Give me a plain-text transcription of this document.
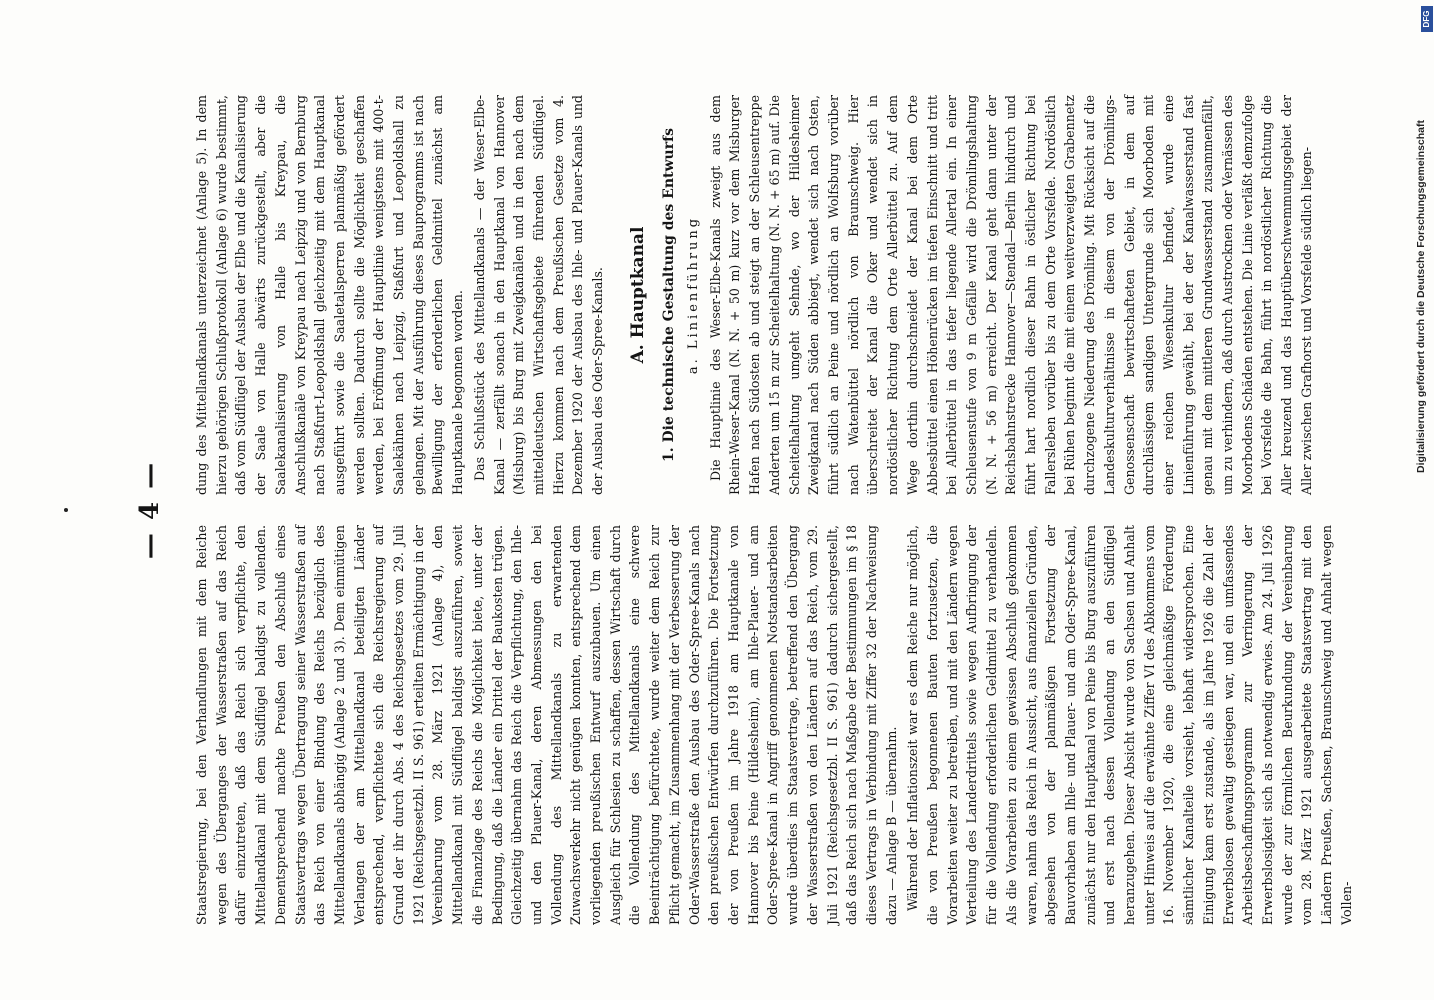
— 4 —

Staatsregierung, bei den Verhandlungen mit dem Reiche wegen des Überganges der Wasserstraßen auf das Reich dafür einzutreten, daß das Reich sich verpflichte, den Mittellandkanal mit dem Südflügel baldigst zu vollenden. Dementsprechend machte Preußen den Abschluß eines Staatsvertrags wegen Übertragung seiner Wasserstraßen auf das Reich von einer Bindung des Reichs bezüglich des Mittellandkanals abhängig (Anlage 2 und 3). Dem einmütigen Verlangen der am Mittellandkanal beteiligten Länder entsprechend, verpflichtete sich die Reichsregierung auf Grund der ihr durch Abs. 4 des Reichsgesetzes vom 29. Juli 1921 (Reichsgesetzbl. II S. 961) erteilten Ermächtigung in der Vereinbarung vom 28. März 1921 (Anlage 4), den Mittellandkanal mit Südflügel baldigst auszuführen, soweit die Finanzlage des Reichs die Möglichkeit biete, unter der Bedingung, daß die Länder ein Drittel der Baukosten trügen. Gleichzeitig übernahm das Reich die Verpflichtung, den Ihle- und den Plauer-Kanal, deren Abmessungen den bei Vollendung des Mittellandkanals zu erwartenden Zuwachsverkehr nicht genügen konnten, entsprechend dem vorliegenden preußischen Entwurf auszubauen. Um einen Ausgleich für Schlesien zu schaffen, dessen Wirtschaft durch die Vollendung des Mittellandkanals eine schwere Beeinträchtigung befürchtete, wurde weiter dem Reich zur Pflicht gemacht, im Zusammenhang mit der Verbesserung der Oder-Wasserstraße den Ausbau des Oder-Spree-Kanals nach den preußischen Entwürfen durchzuführen. Die Fortsetzung der von Preußen im Jahre 1918 am Hauptkanale von Hannover bis Peine (Hildesheim), am Ihle-Plauer- und am Oder-Spree-Kanal in Angriff genommenen Notstandsarbeiten wurde überdies im Staatsvertrage, betreffend den Übergang der Wasserstraßen von den Ländern auf das Reich, vom 29. Juli 1921 (Reichsgesetzbl. II S. 961) dadurch sichergestellt, daß das Reich sich nach Maßgabe der Bestimmungen im § 18 dieses Vertrags in Verbindung mit Ziffer 32 der Nachweisung dazu — Anlage B — übernahm. Während der Inflationszeit war es dem Reiche nur möglich, die von Preußen begonnenen Bauten fortzusetzen, die Vorarbeiten weiter zu betreiben, und mit den Ländern wegen Verteilung des Landerdrittels sowie wegen Aufbringung der für die Vollendung erforderlichen Geldmittel zu verhandeln. Als die Vorarbeiten zu einem gewissen Abschluß gekommen waren, nahm das Reich in Aussicht, aus finanziellen Gründen, abgesehen von der planmäßigen Fortsetzung der Bauvorhaben am Ihle- und Plauer- und am Oder-Spree-Kanal, zunächst nur den Hauptkanal von Peine bis Burg auszuführen und erst nach dessen Vollendung an den Südflügel heranzugehen. Dieser Absicht wurde von Sachsen und Anhalt unter Hinweis auf die erwähnte Ziffer VI des Abkommens vom 16. November 1920, die eine gleichmäßige Förderung sämtlicher Kanalteile vorsieht, lebhaft widersprochen. Eine Einigung kam erst zustande, als im Jahre 1926 die Zahl der Erwerbslosen gewaltig gestiegen war, und ein umfassendes Arbeitsbeschaffungsprogramm zur Verringerung der Erwerbslosigkeit sich als notwendig erwies. Am 24. Juli 1926 wurde der zur förmlichen Beurkundung der Vereinbarung vom 28. März 1921 ausgearbeitete Staatsvertrag mit den Ländern Preußen, Sachsen, Braunschweig und Anhalt wegen Vollen-

dung des Mittellandkanals unterzeichnet (Anlage 5). In dem hierzu gehörigen Schlußprotokoll (Anlage 6) wurde bestimmt, daß vom Südflügel der Ausbau der Elbe und die Kanalisierung der Saale von Halle abwärts zurückgestellt, aber die Saalekanalisierung von Halle bis Kreypau, die Anschlußkanäle von Kreypau nach Leipzig und von Bernburg nach Staßfurt-Leopoldshall gleichzeitig mit dem Hauptkanal ausgeführt sowie die Saaletalsperren planmäßig gefördert werden sollten. Dadurch sollte die Möglichkeit geschaffen werden, bei Eröffnung der Hauptlinie wenigstens mit 400-t-Saalekähnen nach Leipzig, Staßfurt und Leopoldshall zu gelangen. Mit der Ausführung dieses Bauprogramms ist nach Bewilligung der erforderlichen Geldmittel zunächst am Hauptkanale begonnen worden. Das Schlußstück des Mittellandkanals — der Weser-Elbe-Kanal — zerfällt sonach in den Hauptkanal von Hannover (Misburg) bis Burg mit Zweigkanälen und in den nach dem mitteldeutschen Wirtschaftsgebiete führenden Südflügel. Hierzu kommen nach dem Preußischen Gesetze vom 4. Dezember 1920 der Ausbau des Ihle- und Plauer-Kanals und der Ausbau des Oder-Spree-Kanals. A. Hauptkanal 1. Die technische Gestaltung des Entwurfs a. Linienführung Die Hauptlinie des Weser-Elbe-Kanals zweigt aus dem Rhein-Weser-Kanal (N. N. + 50 m) kurz vor dem Misburger Hafen nach Südosten ab und steigt an der Schleusentreppe Anderten um 15 m zur Scheitelhaltung (N. N. + 65 m) auf. Die Scheitelhaltung umgeht Sehnde, wo der Hildesheimer Zweigkanal nach Süden abbiegt, wendet sich nach Osten, führt südlich an Peine und nördlich an Wolfsburg vorüber nach Watenbüttel nördlich von Braunschweig. Hier überschreitet der Kanal die Oker und wendet sich in nordöstlicher Richtung dem Orte Allerbüttel zu. Auf dem Wege dorthin durchschneidet der Kanal bei dem Orte Abbesbüttel einen Höhenrücken im tiefen Einschnitt und tritt bei Allerbüttel in das tiefer liegende Allertal ein. In einer Schleusenstufe von 9 m Gefälle wird die Drömlingshaltung (N. N. + 56 m) erreicht. Der Kanal geht dann unter der Reichsbahnstrecke Hannover—Stendal—Berlin hindurch und führt hart nordlich dieser Bahn in östlicher Richtung bei Fallersleben vorüber bis zu dem Orte Vorsfelde. Nordöstlich bei Rühen beginnt die mit einem weitverzweigten Grabennetz durchzogene Niederung des Drömling. Mit Rücksicht auf die Landeskulturverhältnisse in diesem von der Drömlings-Genossenschaft bewirtschafteten Gebiet, in dem auf durchlässigem sandigen Untergrunde sich Moorboden mit einer reichen Wiesenkultur befindet, wurde eine Linienführung gewählt, bei der der Kanalwasserstand fast genau mit dem mittleren Grundwasserstand zusammenfällt, um zu verhindern, daß durch Austrocknen oder Vernässen des Moorbodens Schäden entstehen. Die Linie verläßt demzufolge bei Vorsfelde die Bahn, führt in nordöstlicher Richtung die Aller kreuzend und das Hauptüberschwemmungsgebiet der Aller zwischen Grafhorst und Vorsfelde südlich liegen-	Digitalisierung gefördert durch die Deutsche Forschungsgemeinschaft
DFG
